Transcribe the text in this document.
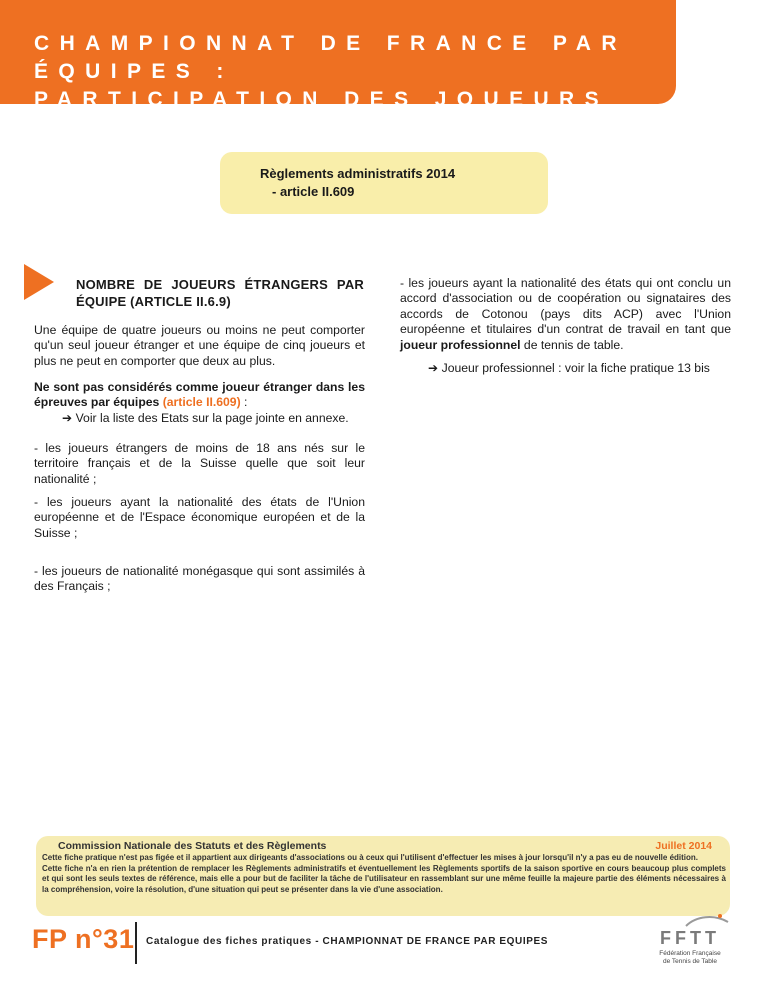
CHAMPIONNAT DE FRANCE PAR ÉQUIPES :
PARTICIPATION DES JOUEURS ÉTRANGERS
Règlements administratifs 2014
- article II.609
NOMBRE DE JOUEURS ÉTRANGERS PAR ÉQUIPE (ARTICLE II.6.9)
Une équipe de quatre joueurs ou moins ne peut comporter qu'un seul joueur étranger et une équipe de cinq joueurs et plus ne peut en comporter que deux au plus.
Ne sont pas considérés comme joueur étranger dans les épreuves par équipes (article II.609) :
➔ Voir la liste des Etats sur la page jointe en annexe.
- les joueurs étrangers de moins de 18 ans nés sur le territoire français et de la Suisse quelle que soit leur nationalité ;
- les joueurs ayant la nationalité des états de l'Union européenne et de l'Espace économique européen et de la Suisse ;
- les joueurs de nationalité monégasque qui sont assimilés à des Français ;
- les joueurs ayant la nationalité des états qui ont conclu un accord d'association ou de coopération ou signataires des accords de Cotonou (pays dits ACP) avec l'Union européenne et titulaires d'un contrat de travail en tant que joueur professionnel de tennis de table.
➔ Joueur professionnel : voir la fiche pratique 13 bis
Commission Nationale des Statuts et des Règlements	Juillet 2014
Cette fiche pratique n'est pas figée et il appartient aux dirigeants d'associations ou à ceux qui l'utilisent d'effectuer les mises à jour lorsqu'il n'y a pas eu de nouvelle édition.
Cette fiche n'a en rien la prétention de remplacer les Règlements administratifs et éventuellement les Règlements sportifs de la saison sportive en cours beaucoup plus complets et qui sont les seuls textes de référence, mais elle a pour but de faciliter la tâche de l'utilisateur en rassemblant sur une même feuille la majeure partie des éléments nécessaires à la compréhension, voire la résolution, d'une situation qui peut se présenter dans la vie d'une association.
FP n°31 Catalogue des fiches pratiques - CHAMPIONNAT DE FRANCE PAR EQUIPES	FFTT
Fédération Française
de Tennis de Table
